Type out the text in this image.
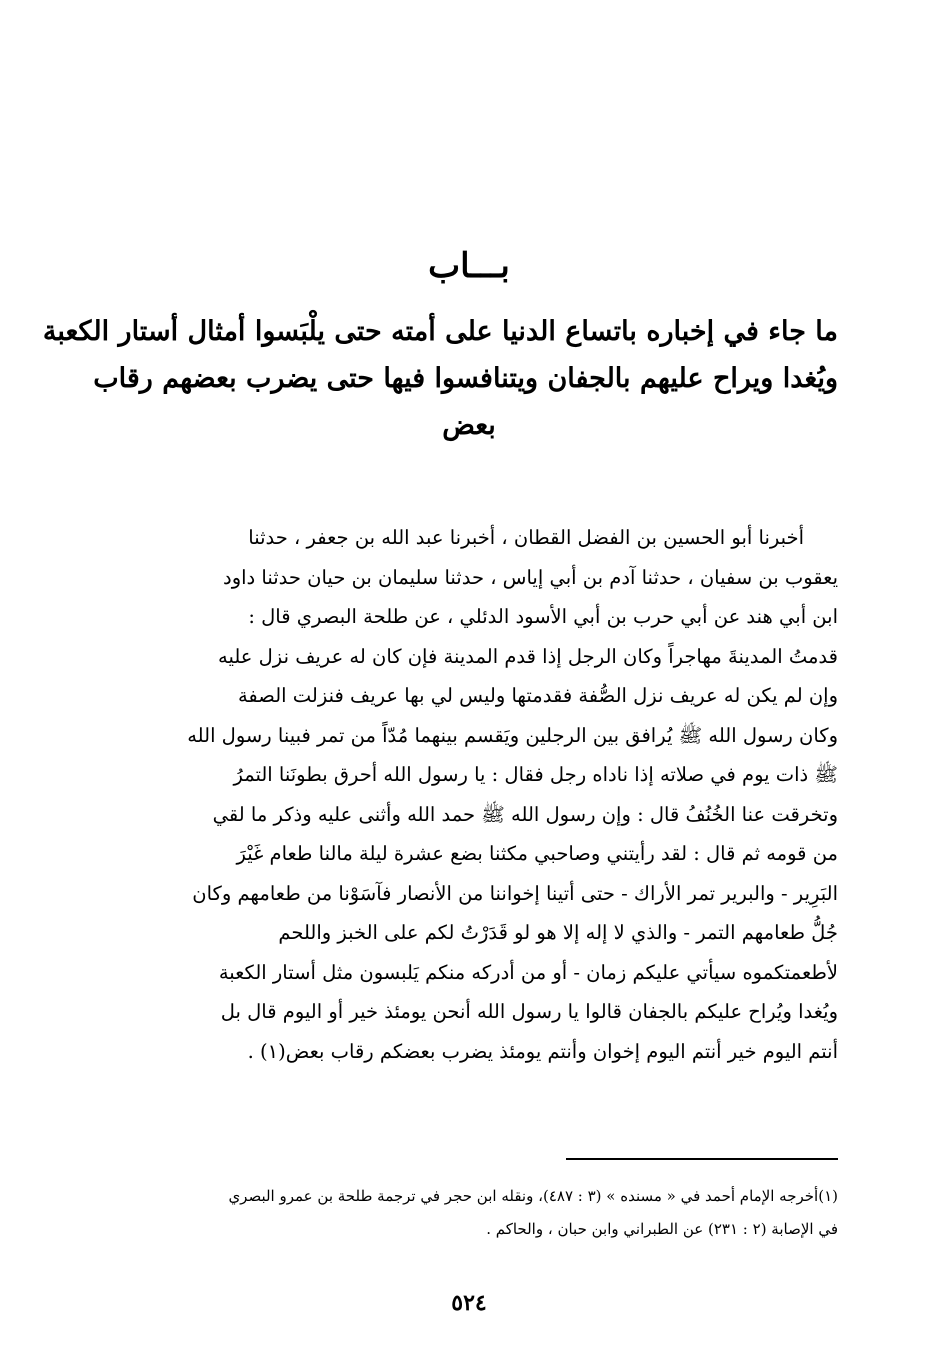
بـــاب
ما جاء في إخباره باتساع الدنيا على أمته حتى يلْبَسوا أمثال أستار الكعبة
ويُغدا ويراح عليهم بالجفان ويتنافسوا فيها حتى يضرب بعضهم رقاب
بعض
أخبرنا أبو الحسين بن الفضل القطان ، أخبرنا عبد الله بن جعفر ، حدثنا
يعقوب بن سفيان ، حدثنا آدم بن أبي إياس ، حدثنا سليمان بن حيان حدثنا داود
ابن أبي هند عن أبي حرب بن أبي الأسود الدئلي ، عن طلحة البصري قال :
قدمتُ المدينةَ مهاجراً وكان الرجل إذا قدم المدينة فإن كان له عريف نزل عليه
وإن لم يكن له عريف نزل الصُّفة فقدمتها وليس لي بها عريف فنزلت الصفة
وكان رسول الله ﷺ يُرافق بين الرجلين ويَقسم بينهما مُدّاً من تمر فبينا رسول الله
ﷺ ذات يوم في صلاته إذا ناداه رجل فقال : يا رسول الله أحرق بطونَنا التمرُ
وتخرقت عنا الخُنُفُ قال : وإن رسول الله ﷺ حمد الله وأثنى عليه وذكر ما لقي
من قومه ثم قال : لقد رأيتني وصاحبي مكثنا بضع عشرة ليلة مالنا طعام غَيْرَ
البَرِير - والبرير تمر الأراك - حتى أتينا إخواننا من الأنصار فآسَوْنا من طعامهم وكان
جُلُّ طعامهم التمر - والذي لا إله إلا هو لو قَدَرْتُ لكم على الخبز واللحم
لأطعمتكموه سيأتي عليكم زمان - أو من أدركه منكم يَلبسون مثل أستار الكعبة
ويُغدا ويُراح عليكم بالجفان قالوا يا رسول الله أنحن يومئذ خير أو اليوم قال بل
أنتم اليوم خير أنتم اليوم إخوان وأنتم يومئذ يضرب بعضكم رقاب بعض(١) .
(١)أخرجه الإمام أحمد في « مسنده » (٣ : ٤٨٧)، ونقله ابن حجر في ترجمة طلحة بن عمرو البصري
في الإصابة (٢ : ٢٣١) عن الطبراني وابن حبان ، والحاكم .
٥٢٤
